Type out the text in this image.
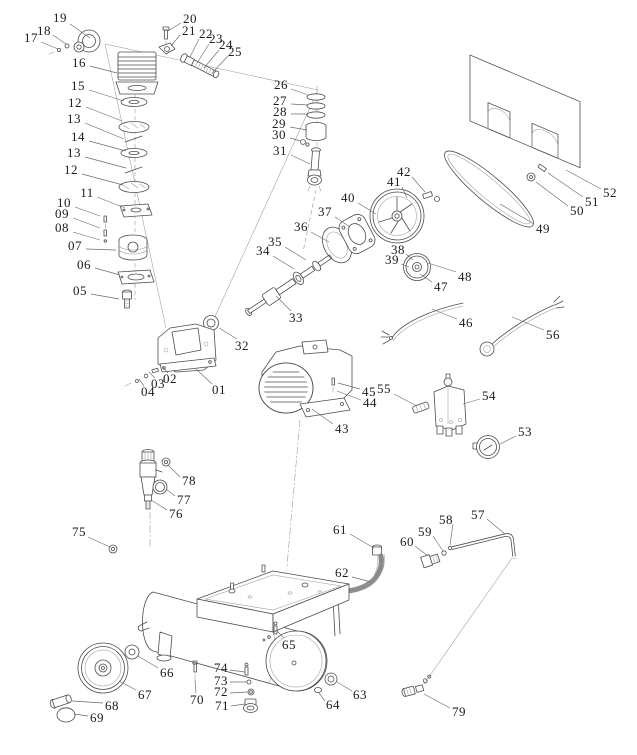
19
18
17
16
15
12
13
14
13
12
11
10
09
08
07
06
05
20
21 22
23
24
25
26
27
28
29
30
31
42
41
40
37
36
35
34	38
39
33
32
48
47
49
50
51
52
46
56
02
03
04	01	45 55
44
43
54
53
78
77
76
75	61
62
60
59
58 57
65
66
67
68
69
70
74
73
72
71
63
64	79
